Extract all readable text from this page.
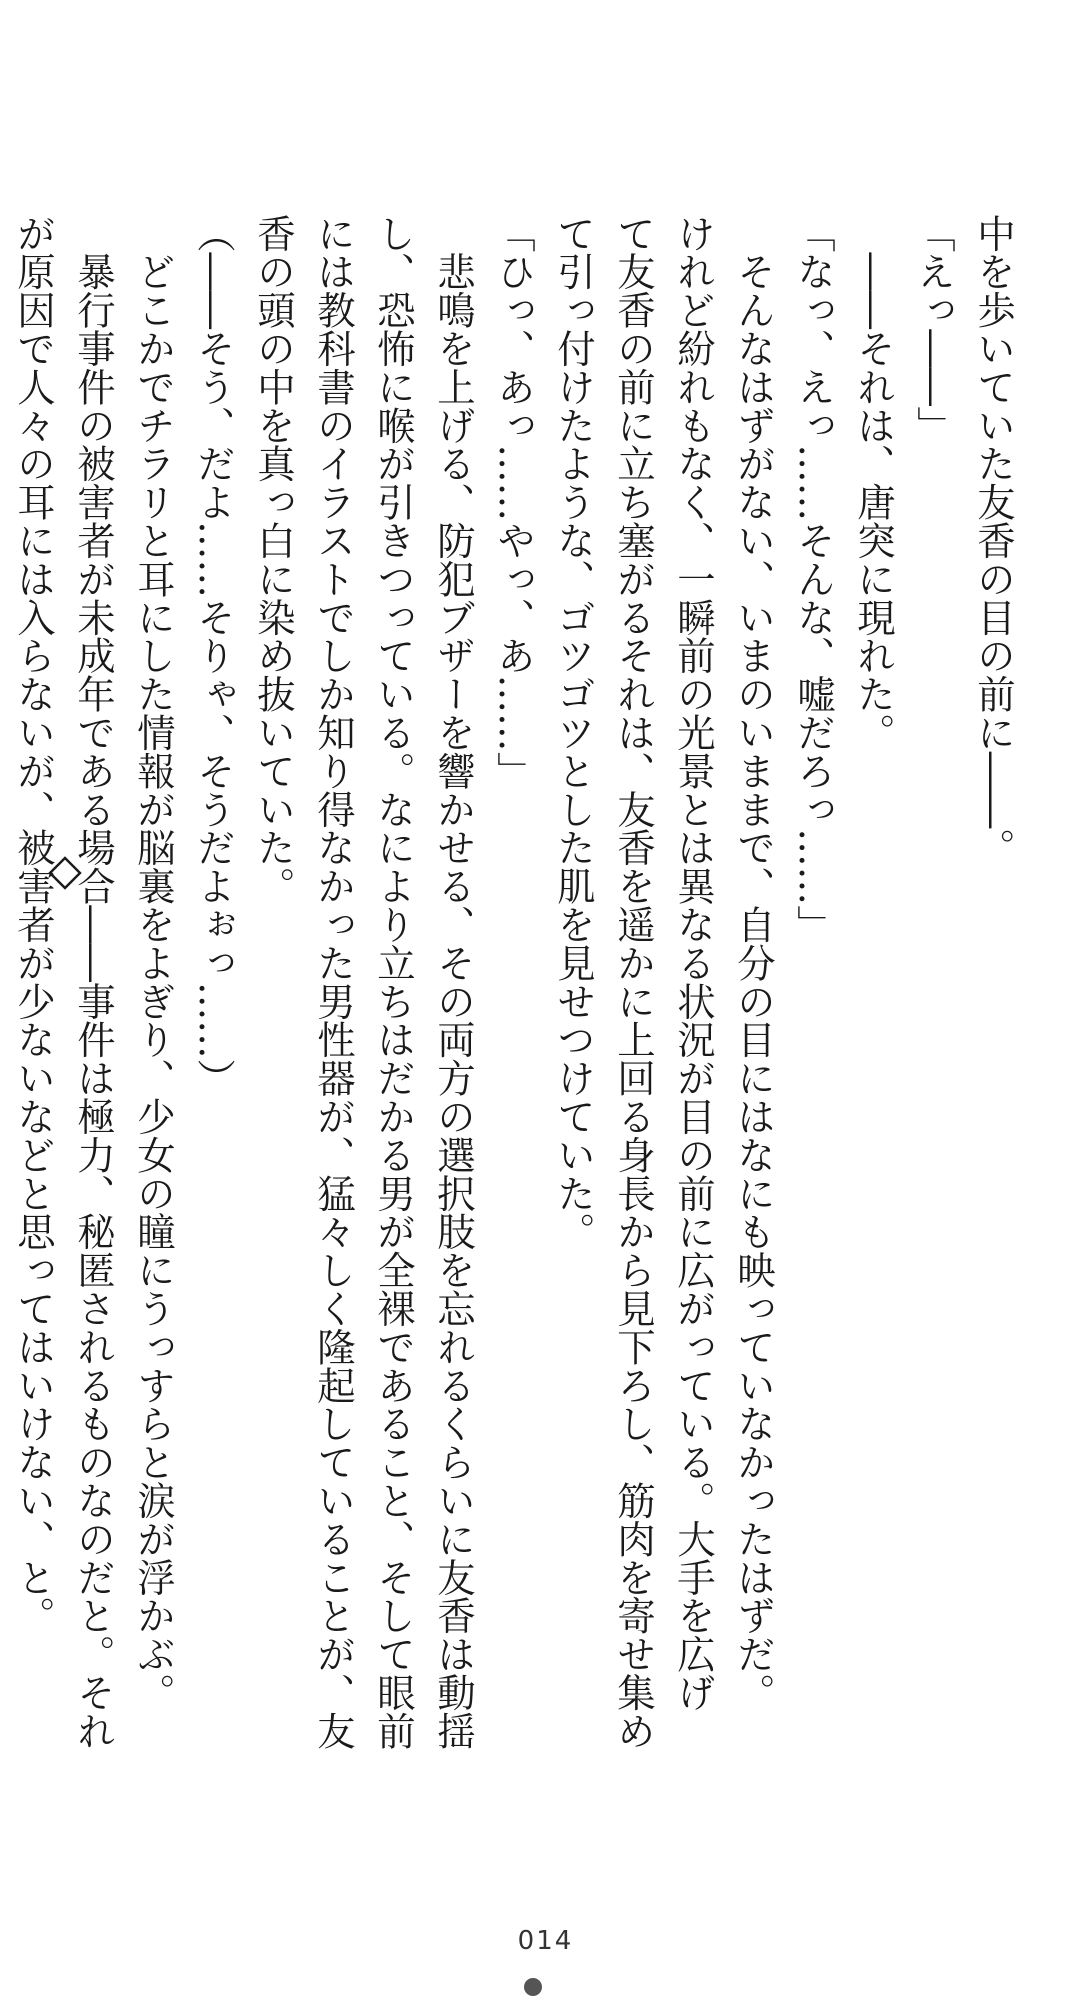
中を歩いていた友香の目の前に――。
「えっ――」
　――それは、唐突に現れた。
「なっ、えっ……そんな、嘘だろっ……」
　そんなはずがない、いまのいままで、自分の目にはなにも映っていなかったはずだ。
けれど紛れもなく、一瞬前の光景とは異なる状況が目の前に広がっている。大手を広げ
て友香の前に立ち塞がるそれは、友香を遥かに上回る身長から見下ろし、筋肉を寄せ集め
て引っ付けたような、ゴツゴツとした肌を見せつけていた。
「ひっ、あっ……やっ、あ……」
　悲鳴を上げる、防犯ブザーを響かせる、その両方の選択肢を忘れるくらいに友香は動揺
し、恐怖に喉が引きつっている。なにより立ちはだかる男が全裸であること、そして眼前
には教科書のイラストでしか知り得なかった男性器が、猛々しく隆起していることが、友
香の頭の中を真っ白に染め抜いていた。
（――そう、だよ……そりゃ、そうだよぉっ……）
　どこかでチラリと耳にした情報が脳裏をよぎり、少女の瞳にうっすらと涙が浮かぶ。
　暴行事件の被害者が未成年である場合――事件は極力、秘匿されるものなのだと。それ
が原因で人々の耳には入らないが、被害者が少ないなどと思ってはいけない、と。
014
